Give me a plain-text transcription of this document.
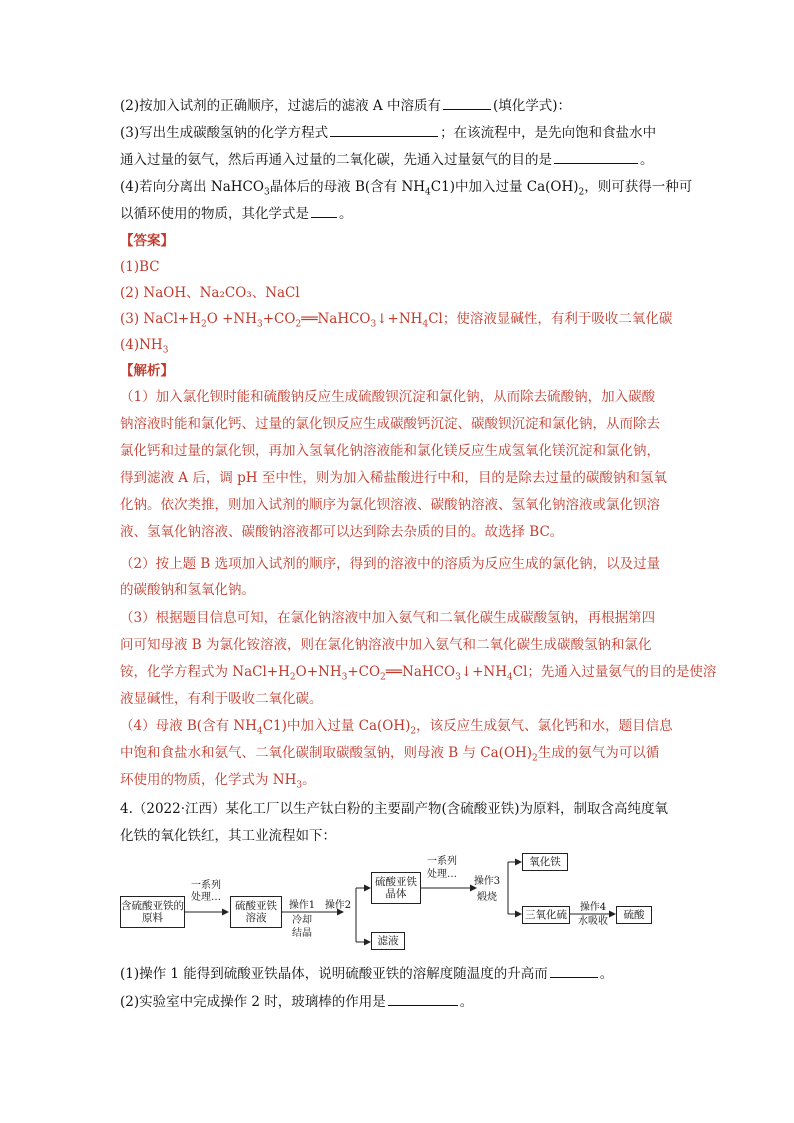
(2)按加入试剂的正确顺序，过滤后的滤液 A 中溶质有	(填化学式)：
(3)写出生成碳酸氢钠的化学方程式	；在该流程中，是先向饱和食盐水中
通入过量的氨气，然后再通入过量的二氧化碳，先通入过量氨气的目的是	。
(4)若向分离出 NaHCO$_3$晶体后的母液 B(含有 $NH_4C1$)中加入过量 $Ca(OH)_2$，则可获得一种可
以循环使用的物质，其化学式是 。
【答案】
(1)BC
(2) NaOH、Na₂CO₃、NaCl
(3) $NaCl+H_2O$ $+NH_3+CO_2══NaHCO_3↓+NH_4Cl$；使溶液显碱性，有利于吸收二氧化碳
$(4)NH_3$
【解析】
（1）加入氯化钡时能和硫酸钠反应生成硫酸钡沉淀和氯化钠，从而除去硫酸钠，加入碳酸
钠溶液时能和氯化钙、过量的氯化钡反应生成碳酸钙沉淀、碳酸钡沉淀和氯化钠，从而除去
氯化钙和过量的氯化钡，再加入氢氧化钠溶液能和氯化镁反应生成氢氧化镁沉淀和氯化钠，
得到滤液 A 后，调 pH 至中性，则为加入稀盐酸进行中和，目的是除去过量的碳酸钠和氢氧
化钠。依次类推，则加入试剂的顺序为氯化钡溶液、碳酸钠溶液、氢氧化钠溶液或氯化钡溶
液、氢氧化钠溶液、碳酸钠溶液都可以达到除去杂质的目的。故选择 BC。
（2）按上题 B 选项加入试剂的顺序，得到的溶液中的溶质为反应生成的氯化钠，以及过量
的碳酸钠和氢氧化钠。
（3）根据题目信息可知，在氯化钠溶液中加入氨气和二氧化碳生成碳酸氢钠，再根据第四
问可知母液 B 为氯化铵溶液，则在氯化钠溶液中加入氨气和二氧化碳生成碳酸氢钠和氯化
铵，化学方程式为 $NaCl+H_2O+NH_3+CO_2══NaHCO_3↓+NH_4Cl$；先通入过量氨气的目的是使溶
液显碱性，有利于吸收二氧化碳。
（4）母液 B(含有 $NH_4C1$)中加入过量 $Ca(OH)_2$，该反应生成氨气、氯化钙和水，题目信息
中饱和食盐水和氨气、二氧化碳制取碳酸氢钠，则母液 B 与 $Ca(OH)_2$生成的氨气为可以循
环使用的物质，化学式为 $NH_3$。
4.（2022·江西）某化工厂以生产钛白粉的主要副产物(含硫酸亚铁)为原料，制取含高纯度氧
化铁的氧化铁红，其工业流程如下：
含硫酸亚铁的原料
一系列
处理…
硫酸亚铁溶液
操作1
冷却
结晶
操作2
硫酸亚铁晶体
滤液
一系列
处理…
操作3
煅烧
氧化铁
三氧化硫
操作4
水吸收
硫酸
(1)操作 1 能得到硫酸亚铁晶体，说明硫酸亚铁的溶解度随温度的升高而	。
(2)实验室中完成操作 2 时，玻璃棒的作用是	。
